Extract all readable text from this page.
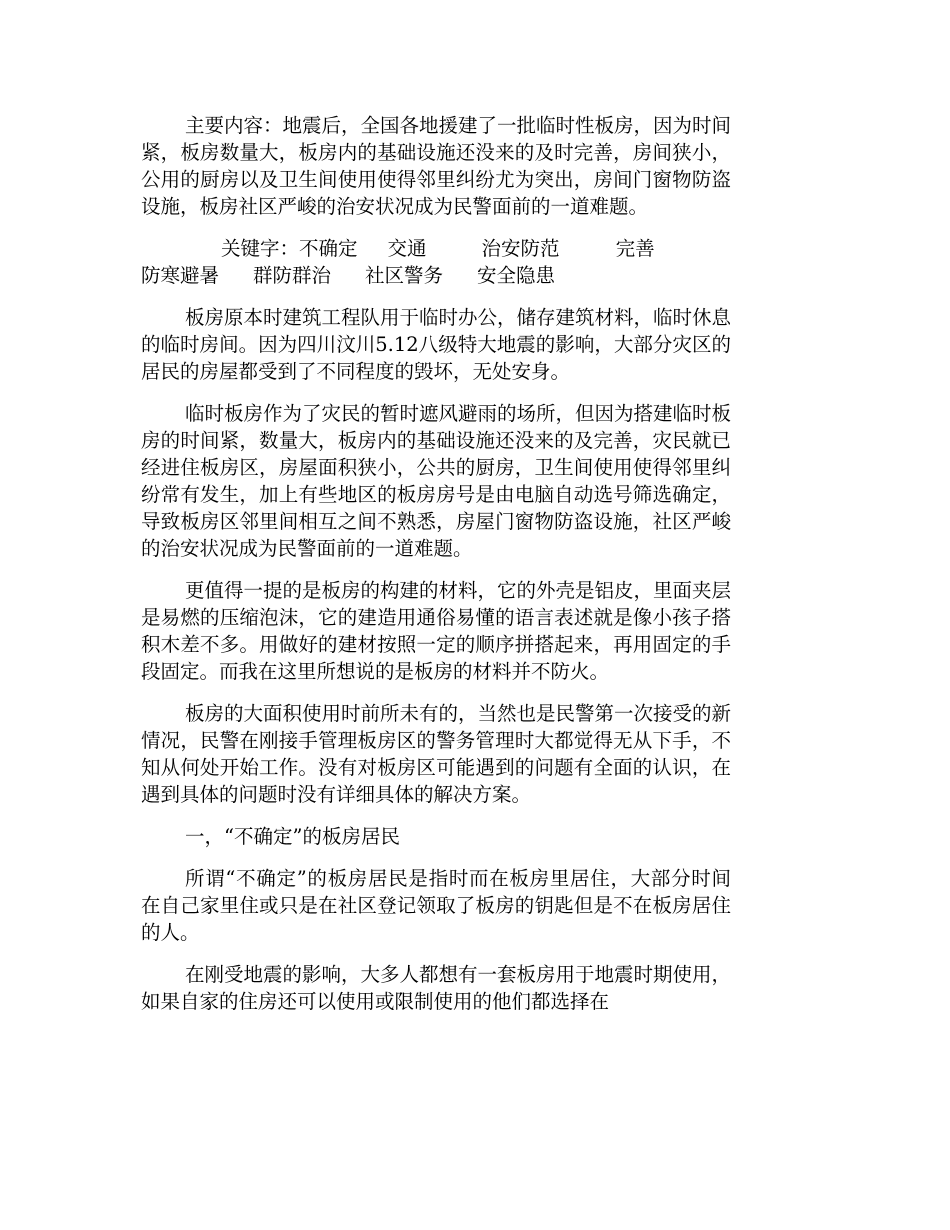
主要内容：地震后，全国各地援建了一批临时性板房，因为时间紧，板房数量大，板房内的基础设施还没来的及时完善，房间狭小，公用的厨房以及卫生间使用使得邻里纠纷尤为突出，房间门窗物防盗设施，板房社区严峻的治安状况成为民警面前的一道难题。

关键字：不确定 交通	治安防范	完善

防寒避暑 群防群治 社区警务 安全隐患

板房原本时建筑工程队用于临时办公，储存建筑材料，临时休息的临时房间。因为四川汶川5.12八级特大地震的影响，大部分灾区的居民的房屋都受到了不同程度的毁坏，无处安身。

临时板房作为了灾民的暂时遮风避雨的场所，但因为搭建临时板房的时间紧，数量大，板房内的基础设施还没来的及完善，灾民就已经进住板房区，房屋面积狭小，公共的厨房，卫生间使用使得邻里纠纷常有发生，加上有些地区的板房房号是由电脑自动选号筛选确定，导致板房区邻里间相互之间不熟悉，房屋门窗物防盗设施，社区严峻的治安状况成为民警面前的一道难题。

更值得一提的是板房的构建的材料，它的外壳是铝皮，里面夹层是易燃的压缩泡沫，它的建造用通俗易懂的语言表述就是像小孩子搭积木差不多。用做好的建材按照一定的顺序拼搭起来，再用固定的手段固定。而我在这里所想说的是板房的材料并不防火。

板房的大面积使用时前所未有的，当然也是民警第一次接受的新情况，民警在刚接手管理板房区的警务管理时大都觉得无从下手，不知从何处开始工作。没有对板房区可能遇到的问题有全面的认识，在遇到具体的问题时没有详细具体的解决方案。

一，“不确定”的板房居民

所谓“不确定”的板房居民是指时而在板房里居住，大部分时间在自己家里住或只是在社区登记领取了板房的钥匙但是不在板房居住的人。

在刚受地震的影响，大多人都想有一套板房用于地震时期使用，如果自家的住房还可以使用或限制使用的他们都选择在
